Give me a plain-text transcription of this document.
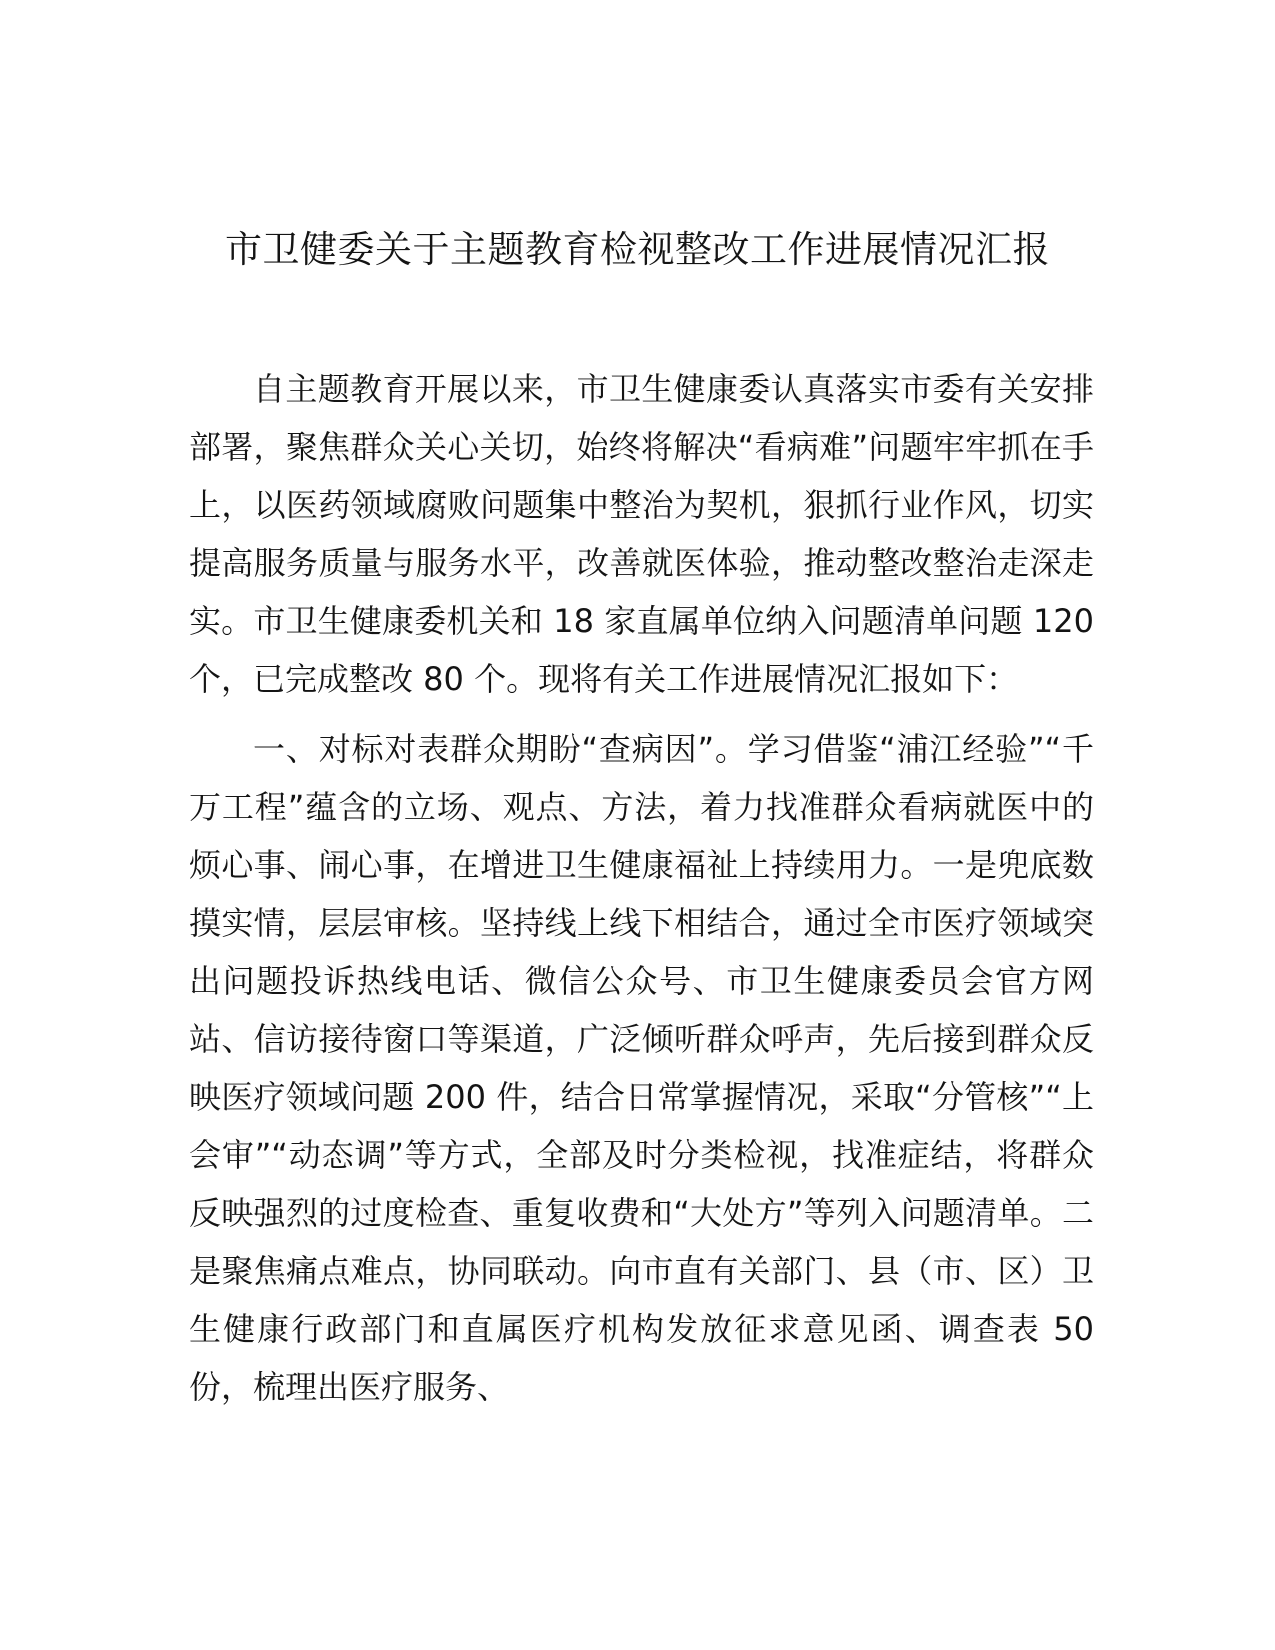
市卫健委关于主题教育检视整改工作进展情况汇报

自主题教育开展以来，市卫生健康委认真落实市委有关安排部署，聚焦群众关心关切，始终将解决“看病难”问题牢牢抓在手上，以医药领域腐败问题集中整治为契机，狠抓行业作风，切实提高服务质量与服务水平，改善就医体验，推动整改整治走深走实。市卫生健康委机关和 18 家直属单位纳入问题清单问题 120 个，已完成整改 80 个。现将有关工作进展情况汇报如下：

一、对标对表群众期盼“查病因”。学习借鉴“浦江经验”“千万工程”蕴含的立场、观点、方法，着力找准群众看病就医中的烦心事、闹心事，在增进卫生健康福祉上持续用力。一是兜底数摸实情，层层审核。坚持线上线下相结合，通过全市医疗领域突出问题投诉热线电话、微信公众号、市卫生健康委员会官方网站、信访接待窗口等渠道，广泛倾听群众呼声，先后接到群众反映医疗领域问题 200 件，结合日常掌握情况，采取“分管核”“上会审”“动态调”等方式，全部及时分类检视，找准症结，将群众反映强烈的过度检查、重复收费和“大处方”等列入问题清单。二是聚焦痛点难点，协同联动。向市直有关部门、县（市、区）卫生健康行政部门和直属医疗机构发放征求意见函、调查表 50 份，梳理出医疗服务、
